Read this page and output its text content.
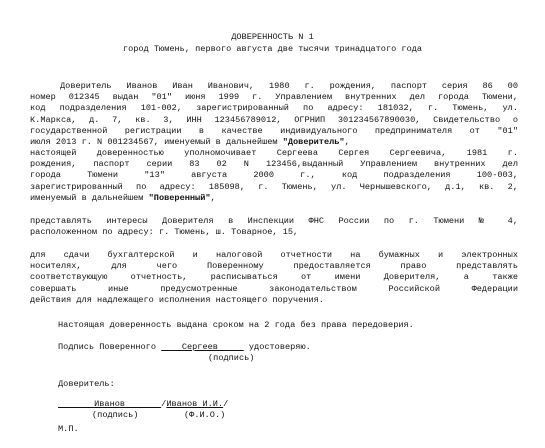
ДОВЕРЕННОСТЬ N 1
город Тюмень, первого августа две тысячи тринадцатого года
Доверитель Иванов Иван Иванович, 1980 г. рождения, паспорт серия 86 00
номер 012345 выдан "01" июня 1999 г. Управлением внутренних дел города Тюмени,
код подразделения 101-002, зарегистрированный по адресу: 181032, г. Тюмень, ул.
К.Маркса, д. 7, кв. 3, ИНН 123456789012, ОГРНИП 301234567890030, Свидетельство о
государственной регистрации в качестве индивидуального предпринимателя от "01"
июля 2013 г. N 001234567, именуемый в дальнейшем "Доверитель",
настоящей доверенностью уполномочивает Сергеева Сергея Сергеевича, 1981 г.
рождения, паспорт серии 83 02 N 123456,выданный Управлением внутренних дел
города Тюмени "13" августа 2000 г., код подразделения 100-003,
зарегистрированный по адресу: 185098, г. Тюмень, ул. Чернышевского, д.1, кв. 2,
именуемый в дальнейшем "Поверенный",
представлять интересы Доверителя в Инспекции ФНС России по г. Тюмени № 4,
расположенном по адресу: г. Тюмень, ш. Товарное, 15,
для сдачи бухгалтерской и налоговой отчетности на бумажных и электронных
носителях, для чего Поверенному предоставляется право представлять
соответствующую отчетность, расписываться от имени Доверителя, а также
совершать иные предусмотренные законодательством Российской Федерации
действия для надлежащего исполнения настоящего поручения.
Настоящая доверенность выдана сроком на 2 года без права передоверия.
Подпись Поверенного	Сергеев	удостоверяю.
(подпись)
Доверитель:
Иванов	/Иванов И.И./
(подпись)	(Ф.И.О.)
М.П.
